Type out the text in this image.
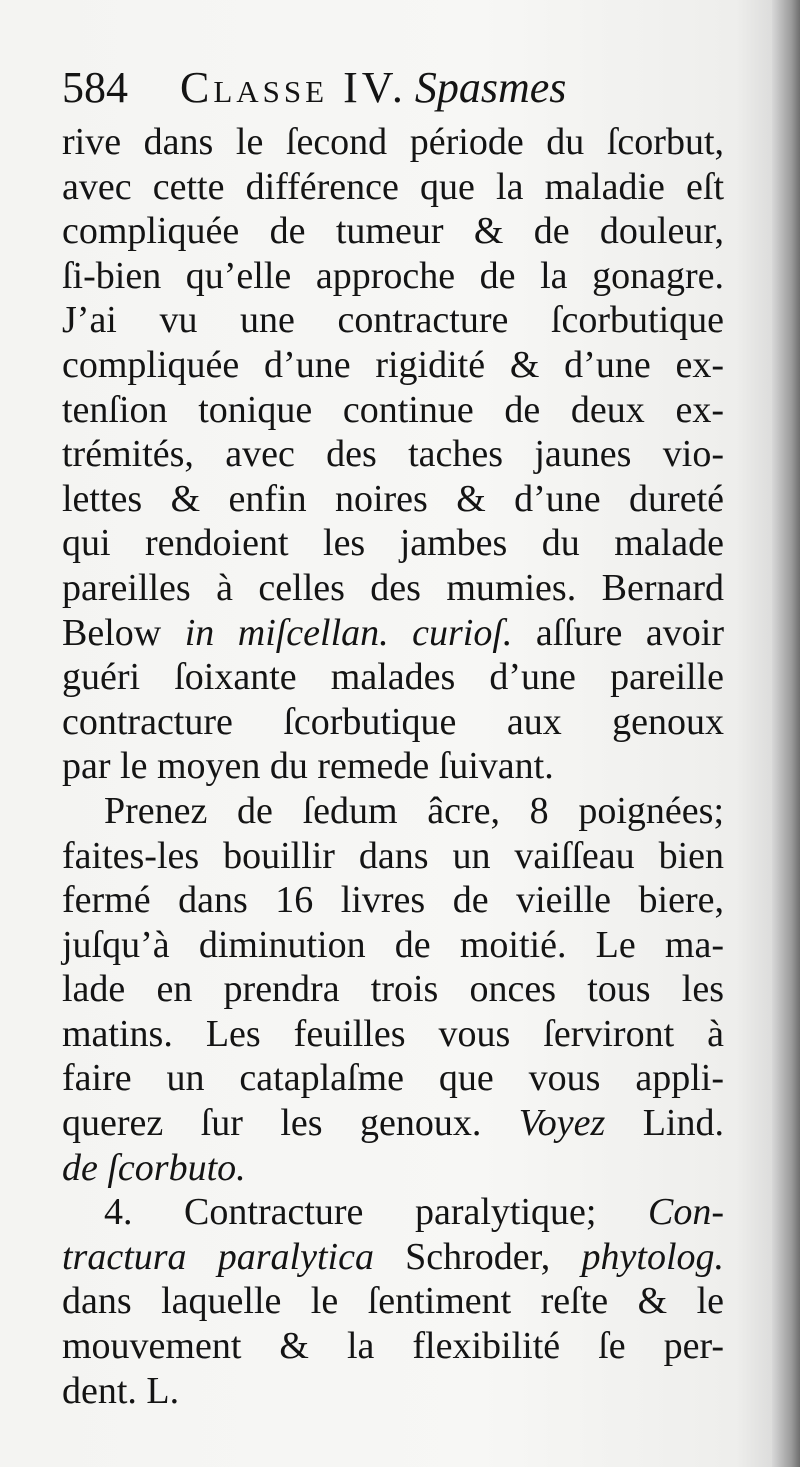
584 Classe IV. Spasmes
rive dans le ſecond période du ſcorbut,
avec cette différence que la maladie eſt
compliquée de tumeur & de douleur,
ſi-bien qu’elle approche de la gonagre.
J’ai vu une contracture ſcorbutique
compliquée d’une rigidité & d’une ex-
tenſion tonique continue de deux ex-
trémités, avec des taches jaunes vio-
lettes & enfin noires & d’une dureté
qui rendoient les jambes du malade
pareilles à celles des mumies. Bernard
Below in miſcellan. curioſ. aſſure avoir
guéri ſoixante malades d’une pareille
contracture ſcorbutique aux genoux
par le moyen du remede ſuivant.
Prenez de ſedum âcre, 8 poignées;
faites-les bouillir dans un vaiſſeau bien
fermé dans 16 livres de vieille biere,
juſqu’à diminution de moitié. Le ma-
lade en prendra trois onces tous les
matins. Les feuilles vous ſerviront à
faire un cataplaſme que vous appli-
querez ſur les genoux. Voyez Lind.
de ſcorbuto.
4. Contracture paralytique; Con-
tractura paralytica Schroder, phytolog.
dans laquelle le ſentiment reſte & le
mouvement & la flexibilité ſe per-
dent. L.
